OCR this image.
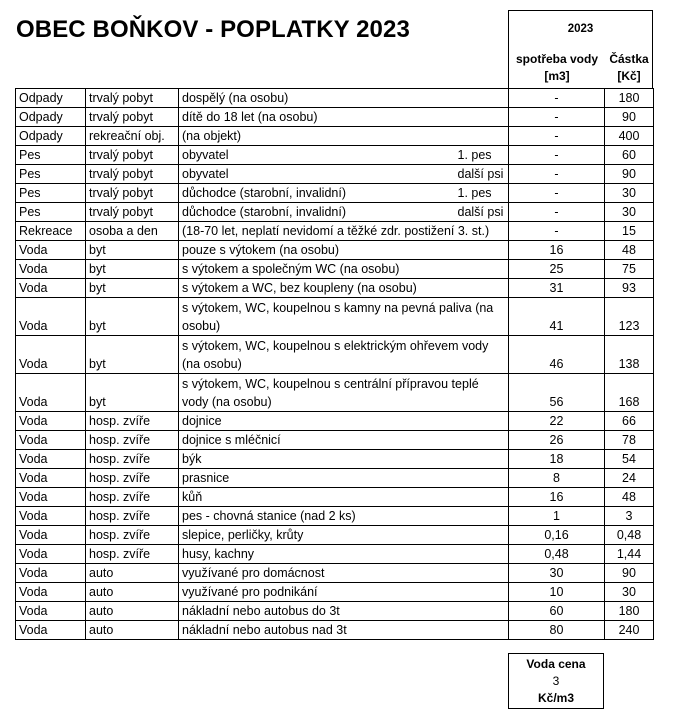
OBEC BOŇKOV - POPLATKY 2023	2023
spotřeba vody
[m3]
Částka
[Kč]
Odpady	trvalý pobyt	dospělý (na osobu)		-	180
Odpady	trvalý pobyt	dítě do 18 let (na osobu)		-	90
Odpady	rekreační obj.	(na objekt)		-	400
Pes	trvalý pobyt	obyvatel	1. pes	-	60
Pes	trvalý pobyt	obyvatel	další psi	-	90
Pes	trvalý pobyt	důchodce (starobní, invalidní)	1. pes	-	30
Pes	trvalý pobyt	důchodce (starobní, invalidní)	další psi	-	30
Rekreace	osoba a den	(18-70 let, neplatí nevidomí a těžké zdr. postižení 3. st.)		-	15
Voda	byt	pouze s výtokem (na osobu)		16	48
Voda	byt	s výtokem a společným WC (na osobu)		25	75
Voda	byt	s výtokem a WC, bez koupleny (na osobu)		31	93
Voda	byt	s výtokem, WC, koupelnou s kamny na pevná paliva (na osobu)		41	123
Voda	byt	s výtokem, WC, koupelnou s elektrickým ohřevem vody (na osobu)		46	138
Voda	byt	s výtokem, WC, koupelnou s centrální přípravou teplé vody (na osobu)		56	168
Voda	hosp. zvíře	dojnice		22	66
Voda	hosp. zvíře	dojnice s mléčnicí		26	78
Voda	hosp. zvíře	býk		18	54
Voda	hosp. zvíře	prasnice		8	24
Voda	hosp. zvíře	kůň		16	48
Voda	hosp. zvíře	pes - chovná stanice (nad 2 ks)		1	3
Voda	hosp. zvíře	slepice, perličky, krůty		0,16	0,48
Voda	hosp. zvíře	husy, kachny		0,48	1,44
Voda	auto	využívané pro domácnost		30	90
Voda	auto	využívané pro podnikání		10	30
Voda	auto	nákladní nebo autobus do 3t		60	180
Voda	auto	nákladní nebo autobus nad 3t		80	240
Voda cena
3
Kč/m3
